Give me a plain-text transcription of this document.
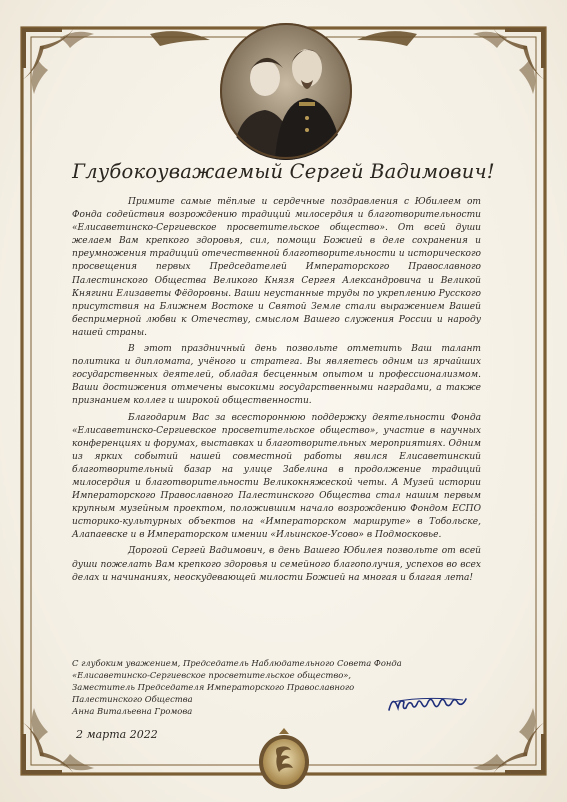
Глубокоуважаемый Сергей Вадимович!

Примите самые тёплые и сердечные поздравления с Юбилеем от Фонда содействия возрождению традиций милосердия и благотворительности «Елисаветинско-Сергиевское просветительское общество». От всей души желаем Вам крепкого здоровья, сил, помощи Божией в деле сохранения и преумножения традиций отечественной благотворительности и исторического просвещения первых Председателей Императорского Православного Палестинского Общества Великого Князя Сергея Александровича и Великой Княгини Елизаветы Фёдоровны. Ваши неустанные труды по укреплению Русского присутствия на Ближнем Востоке и Святой Земле стали выражением Вашей беспримерной любви к Отечеству, смыслом Вашего служения России и народу нашей страны.

В этот праздничный день позвольте отметить Ваш талант политика и дипломата, учёного и стратега. Вы являетесь одним из ярчайших государственных деятелей, обладая бесценным опытом и профессионализмом. Ваши достижения отмечены высокими государственными наградами, а также признанием коллег и широкой общественности.

Благодарим Вас за всестороннюю поддержку деятельности Фонда «Елисаветинско-Сергиевское просветительское общество», участие в научных конференциях и форумах, выставках и благотворительных мероприятиях. Одним из ярких событий нашей совместной работы явился Елисаветинский благотворительный базар на улице Забелина в продолжение традиций милосердия и благотворительности Великокняжеской четы. А Музей истории Императорского Православного Палестинского Общества стал нашим первым крупным музейным проектом, положившим начало возрождению Фондом ЕСПО историко-культурных объектов на «Императорском маршруте» в Тобольске, Алапаевске и в Императорском имении «Ильинское-Усово» в Подмосковье.

Дорогой Сергей Вадимович, в день Вашего Юбилея позвольте от всей души пожелать Вам крепкого здоровья и семейного благополучия, успехов во всех делах и начинаниях, неоскудевающей милости Божией на многая и благая лета!

С глубоким уважением, Председатель Наблюдательного Совета Фонда
«Елисаветинско-Сергиевское просветительское общество»,
Заместитель Председателя Императорского Православного
Палестинского Общества
Анна Витальевна Громова
2 марта 2022
